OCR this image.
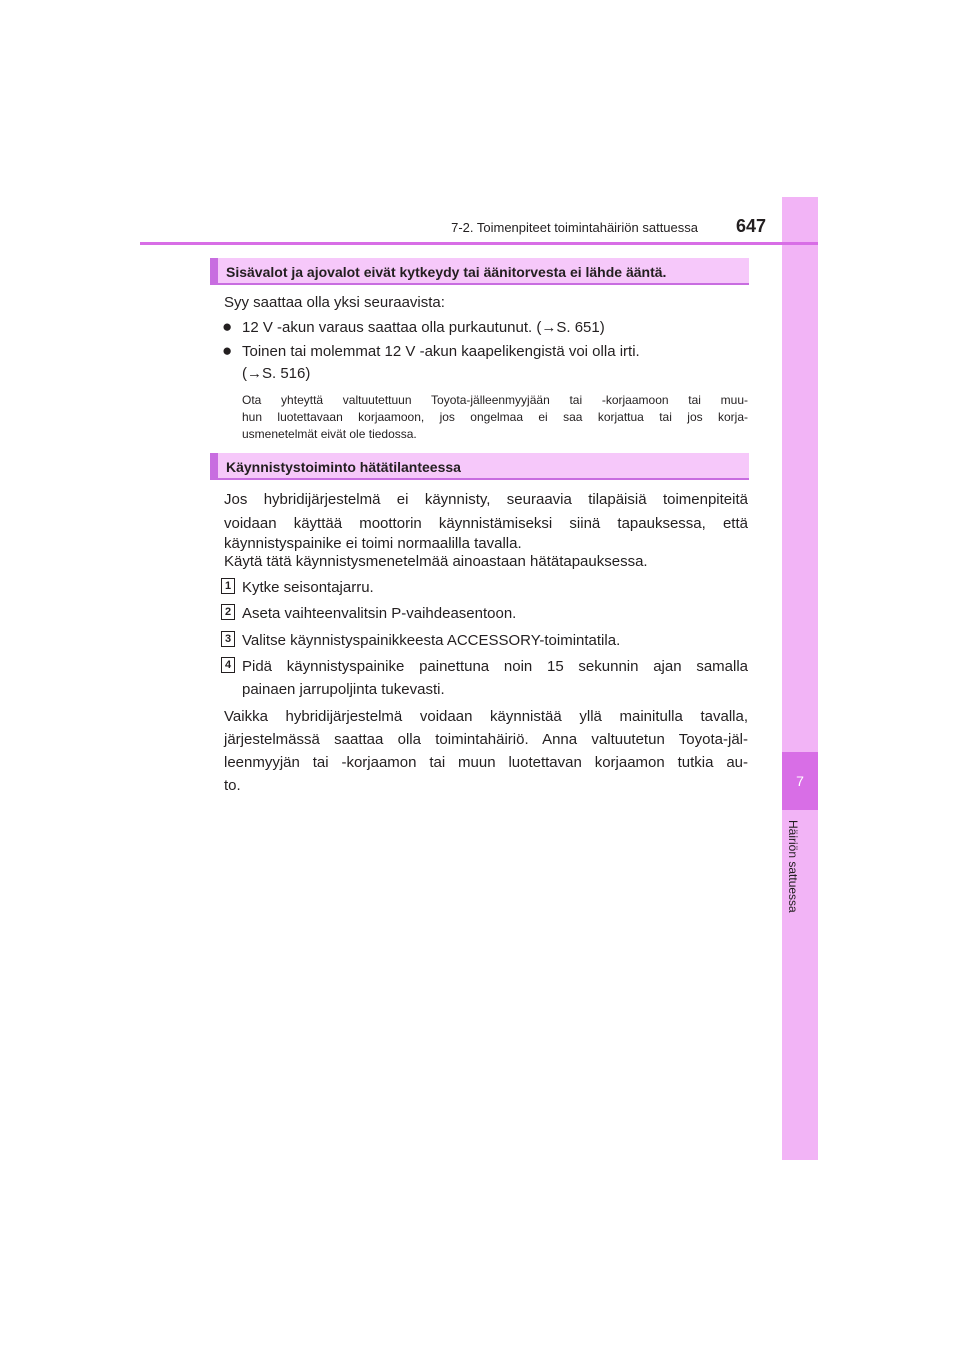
7
Häiriön sattuessa
7-2. Toimenpiteet toimintahäiriön sattuessa 647
Sisävalot ja ajovalot eivät kytkeydy tai äänitorvesta ei lähde ääntä.
Syy saattaa olla yksi seuraavista:
● 12 V -akun varaus saattaa olla purkautunut. (→S. 651)
● Toinen tai molemmat 12 V -akun kaapelikengistä voi olla irti.
(→S. 516)
Ota yhteyttä valtuutettuun Toyota-jälleenmyyjään tai -korjaamoon tai muu-
hun luotettavaan korjaamoon, jos ongelmaa ei saa korjattua tai jos korja-
usmenetelmät eivät ole tiedossa.
Käynnistystoiminto hätätilanteessa
Jos hybridijärjestelmä ei käynnisty, seuraavia tilapäisiä toimenpiteitä
voidaan käyttää moottorin käynnistämiseksi siinä tapauksessa, että
käynnistyspainike ei toimi normaalilla tavalla.
Käytä tätä käynnistysmenetelmää ainoastaan hätätapauksessa.
1 Kytke seisontajarru.
2 Aseta vaihteenvalitsin P-vaihdeasentoon.
3 Valitse käynnistyspainikkeesta ACCESSORY-toimintatila.
4 Pidä käynnistyspainike painettuna noin 15 sekunnin ajan samalla
painaen jarrupoljinta tukevasti.
Vaikka hybridijärjestelmä voidaan käynnistää yllä mainitulla tavalla,
järjestelmässä saattaa olla toimintahäiriö. Anna valtuutetun Toyota-jäl-
leenmyyjän tai -korjaamon tai muun luotettavan korjaamon tutkia au-
to.
